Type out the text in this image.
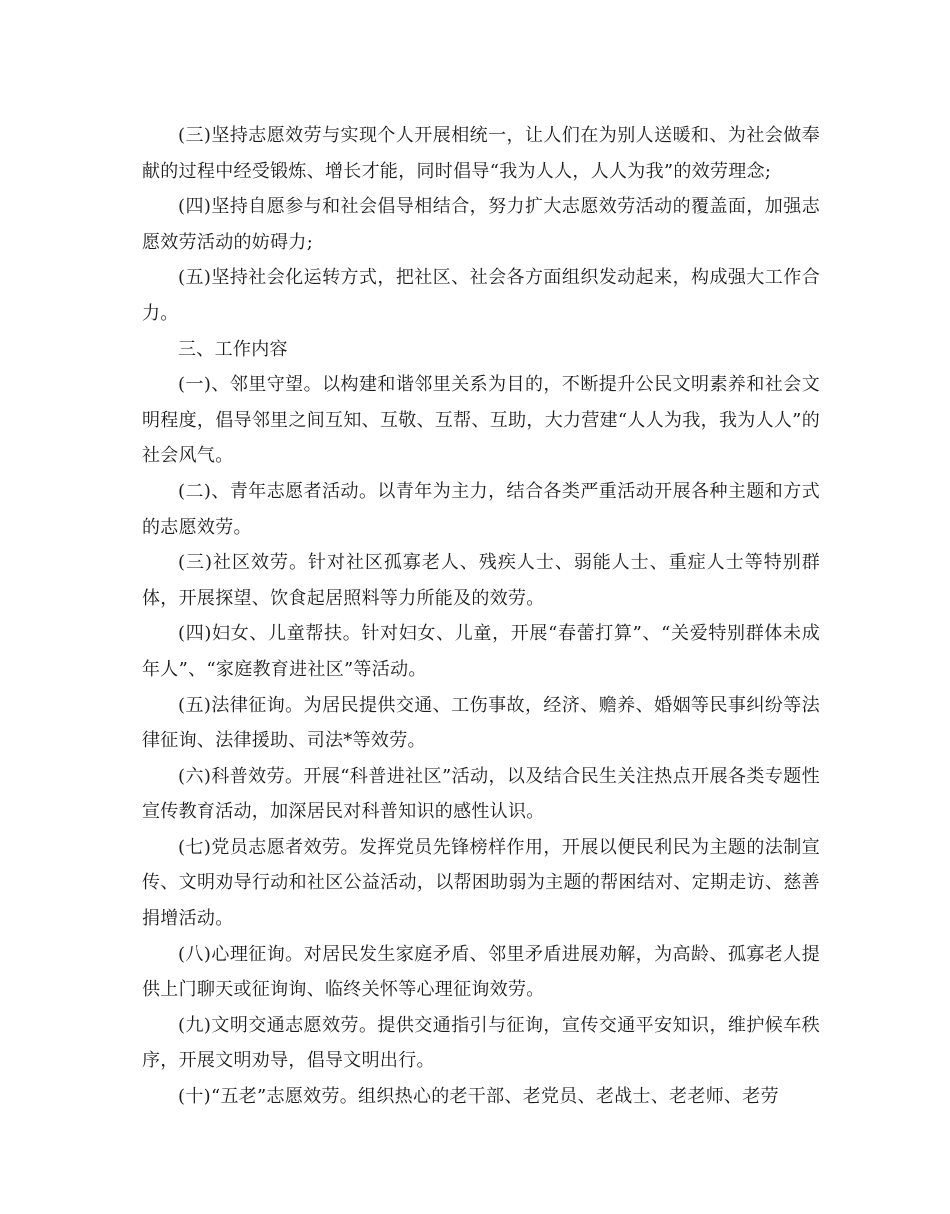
(三)坚持志愿效劳与实现个人开展相统一，让人们在为别人送暖和、为社会做奉献的过程中经受锻炼、增长才能，同时倡导“我为人人，人人为我”的效劳理念;

(四)坚持自愿参与和社会倡导相结合，努力扩大志愿效劳活动的覆盖面，加强志愿效劳活动的妨碍力;

(五)坚持社会化运转方式，把社区、社会各方面组织发动起来，构成强大工作合力。

三、工作内容

(一)、邻里守望。以构建和谐邻里关系为目的，不断提升公民文明素养和社会文明程度，倡导邻里之间互知、互敬、互帮、互助，大力营建“人人为我，我为人人”的社会风气。

(二)、青年志愿者活动。以青年为主力，结合各类严重活动开展各种主题和方式的志愿效劳。

(三)社区效劳。针对社区孤寡老人、残疾人士、弱能人士、重症人士等特别群体，开展探望、饮食起居照料等力所能及的效劳。

(四)妇女、儿童帮扶。针对妇女、儿童，开展“春蕾打算”、“关爱特别群体未成年人”、“家庭教育进社区”等活动。

(五)法律征询。为居民提供交通、工伤事故，经济、赡养、婚姻等民事纠纷等法律征询、法律援助、司法*等效劳。

(六)科普效劳。开展“科普进社区”活动，以及结合民生关注热点开展各类专题性宣传教育活动，加深居民对科普知识的感性认识。

(七)党员志愿者效劳。发挥党员先锋榜样作用，开展以便民利民为主题的法制宣传、文明劝导行动和社区公益活动，以帮困助弱为主题的帮困结对、定期走访、慈善捐增活动。

(八)心理征询。对居民发生家庭矛盾、邻里矛盾进展劝解，为高龄、孤寡老人提供上门聊天或征询询、临终关怀等心理征询效劳。

(九)文明交通志愿效劳。提供交通指引与征询，宣传交通平安知识，维护候车秩序，开展文明劝导，倡导文明出行。

(十)“五老”志愿效劳。组织热心的老干部、老党员、老战士、老老师、老劳
